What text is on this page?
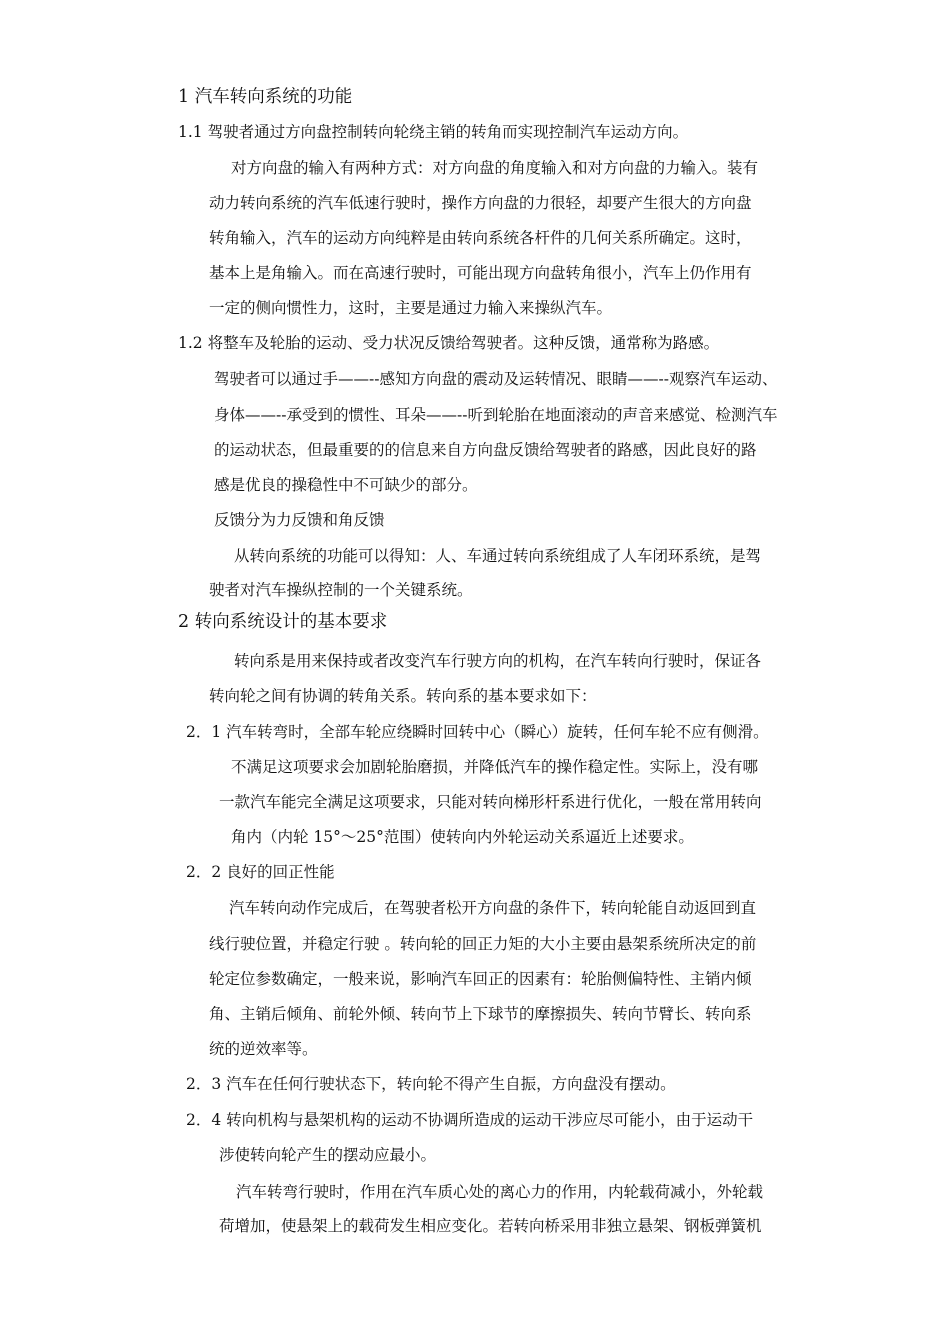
1 汽车转向系统的功能
1.1 驾驶者通过方向盘控制转向轮绕主销的转角而实现控制汽车运动方向。
对方向盘的输入有两种方式：对方向盘的角度输入和对方向盘的力输入。装有
动力转向系统的汽车低速行驶时，操作方向盘的力很轻，却要产生很大的方向盘
转角输入，汽车的运动方向纯粹是由转向系统各杆件的几何关系所确定。这时，
基本上是角输入。而在高速行驶时，可能出现方向盘转角很小，汽车上仍作用有
一定的侧向惯性力，这时，主要是通过力输入来操纵汽车。
1.2 将整车及轮胎的运动、受力状况反馈给驾驶者。这种反馈，通常称为路感。
驾驶者可以通过手——--感知方向盘的震动及运转情况、眼睛——--观察汽车运动、
身体——--承受到的惯性、耳朵——--听到轮胎在地面滚动的声音来感觉、检测汽车
的运动状态，但最重要的的信息来自方向盘反馈给驾驶者的路感，因此良好的路
感是优良的操稳性中不可缺少的部分。
反馈分为力反馈和角反馈
从转向系统的功能可以得知：人、车通过转向系统组成了人车闭环系统，是驾
驶者对汽车操纵控制的一个关键系统。
2 转向系统设计的基本要求
转向系是用来保持或者改变汽车行驶方向的机构，在汽车转向行驶时，保证各
转向轮之间有协调的转角关系。转向系的基本要求如下：
2．1 汽车转弯时，全部车轮应绕瞬时回转中心（瞬心）旋转，任何车轮不应有侧滑。
不满足这项要求会加剧轮胎磨损，并降低汽车的操作稳定性。实际上，没有哪
一款汽车能完全满足这项要求，只能对转向梯形杆系进行优化，一般在常用转向
角内（内轮 15°～25°范围）使转向内外轮运动关系逼近上述要求。
2．2 良好的回正性能
汽车转向动作完成后，在驾驶者松开方向盘的条件下，转向轮能自动返回到直
线行驶位置，并稳定行驶 。转向轮的回正力矩的大小主要由悬架系统所决定的前
轮定位参数确定，一般来说，影响汽车回正的因素有：轮胎侧偏特性、主销内倾
角、主销后倾角、前轮外倾、转向节上下球节的摩擦损失、转向节臂长、转向系
统的逆效率等。
2．3 汽车在任何行驶状态下，转向轮不得产生自振，方向盘没有摆动。
2．4 转向机构与悬架机构的运动不协调所造成的运动干涉应尽可能小，由于运动干
涉使转向轮产生的摆动应最小。
汽车转弯行驶时，作用在汽车质心处的离心力的作用，内轮载荷减小，外轮载
荷增加，使悬架上的载荷发生相应变化。若转向桥采用非独立悬架、钢板弹簧机
